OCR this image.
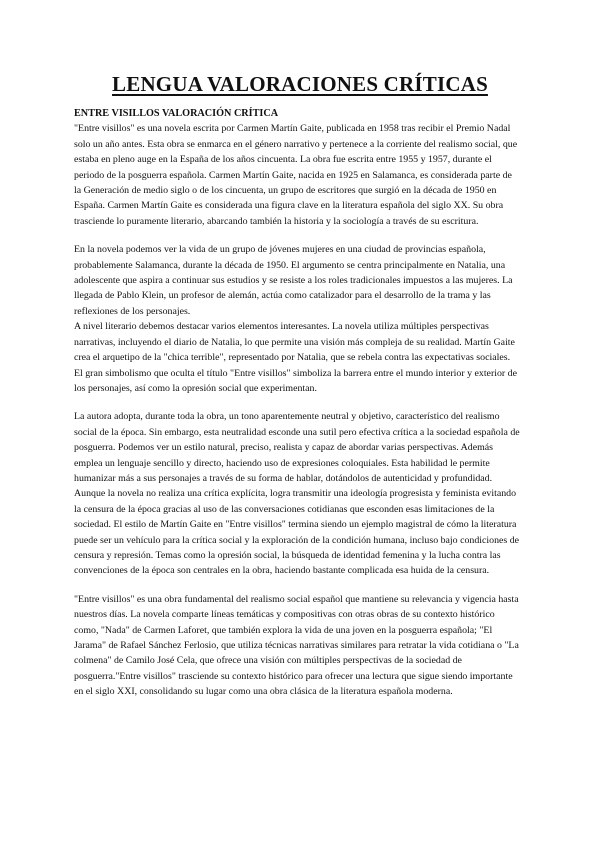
LENGUA VALORACIONES CRÍTICAS

ENTRE VISILLOS VALORACIÓN CRÍTICA

"Entre visillos" es una novela escrita por Carmen Martín Gaite, publicada en 1958 tras recibir el Premio Nadal solo un año antes. Esta obra se enmarca en el género narrativo y pertenece a la corriente del realismo social, que estaba en pleno auge en la España de los años cincuenta. La obra fue escrita entre 1955 y 1957, durante el periodo de la posguerra española. Carmen Martín Gaite, nacida en 1925 en Salamanca, es considerada parte de la Generación de medio siglo o de los cincuenta, un grupo de escritores que surgió en la década de 1950 en España. Carmen Martín Gaite es considerada una figura clave en la literatura española del siglo XX. Su obra trasciende lo puramente literario, abarcando también la historia y la sociología a través de su escritura.

En la novela podemos ver la vida de un grupo de jóvenes mujeres en una ciudad de provincias española, probablemente Salamanca, durante la década de 1950. El argumento se centra principalmente en Natalia, una adolescente que aspira a continuar sus estudios y se resiste a los roles tradicionales impuestos a las mujeres. La llegada de Pablo Klein, un profesor de alemán, actúa como catalizador para el desarrollo de la trama y las reflexiones de los personajes.

A nivel literario debemos destacar varios elementos interesantes. La novela utiliza múltiples perspectivas narrativas, incluyendo el diario de Natalia, lo que permite una visión más compleja de su realidad. Martín Gaite crea el arquetipo de la "chica terrible", representado por Natalia, que se rebela contra las expectativas sociales. El gran simbolismo que oculta el título "Entre visillos" simboliza la barrera entre el mundo interior y exterior de los personajes, así como la opresión social que experimentan.

La autora adopta, durante toda la obra, un tono aparentemente neutral y objetivo, característico del realismo social de la época. Sin embargo, esta neutralidad esconde una sutil pero efectiva crítica a la sociedad española de posguerra. Podemos ver un estilo natural, preciso, realista y capaz de abordar varias perspectivas. Además emplea un lenguaje sencillo y directo, haciendo uso de expresiones coloquiales. Esta habilidad le permite humanizar más a sus personajes a través de su forma de hablar, dotándolos de autenticidad y profundidad. Aunque la novela no realiza una crítica explícita, logra transmitir una ideología progresista y feminista evitando la censura de la época gracias al uso de las conversaciones cotidianas que esconden esas limitaciones de la sociedad. El estilo de Martín Gaite en "Entre visillos" termina siendo un ejemplo magistral de cómo la literatura puede ser un vehículo para la crítica social y la exploración de la condición humana, incluso bajo condiciones de censura y represión. Temas como la opresión social, la búsqueda de identidad femenina y la lucha contra las convenciones de la época son centrales en la obra, haciendo bastante complicada esa huida de la censura.

"Entre visillos" es una obra fundamental del realismo social español que mantiene su relevancia y vigencia hasta nuestros días. La novela comparte líneas temáticas y compositivas con otras obras de su contexto histórico como, "Nada" de Carmen Laforet, que también explora la vida de una joven en la posguerra española; "El Jarama" de Rafael Sánchez Ferlosio, que utiliza técnicas narrativas similares para retratar la vida cotidiana o "La colmena" de Camilo José Cela, que ofrece una visión con múltiples perspectivas de la sociedad de posguerra."Entre visillos" trasciende su contexto histórico para ofrecer una lectura que sigue siendo importante en el siglo XXI, consolidando su lugar como una obra clásica de la literatura española moderna.
